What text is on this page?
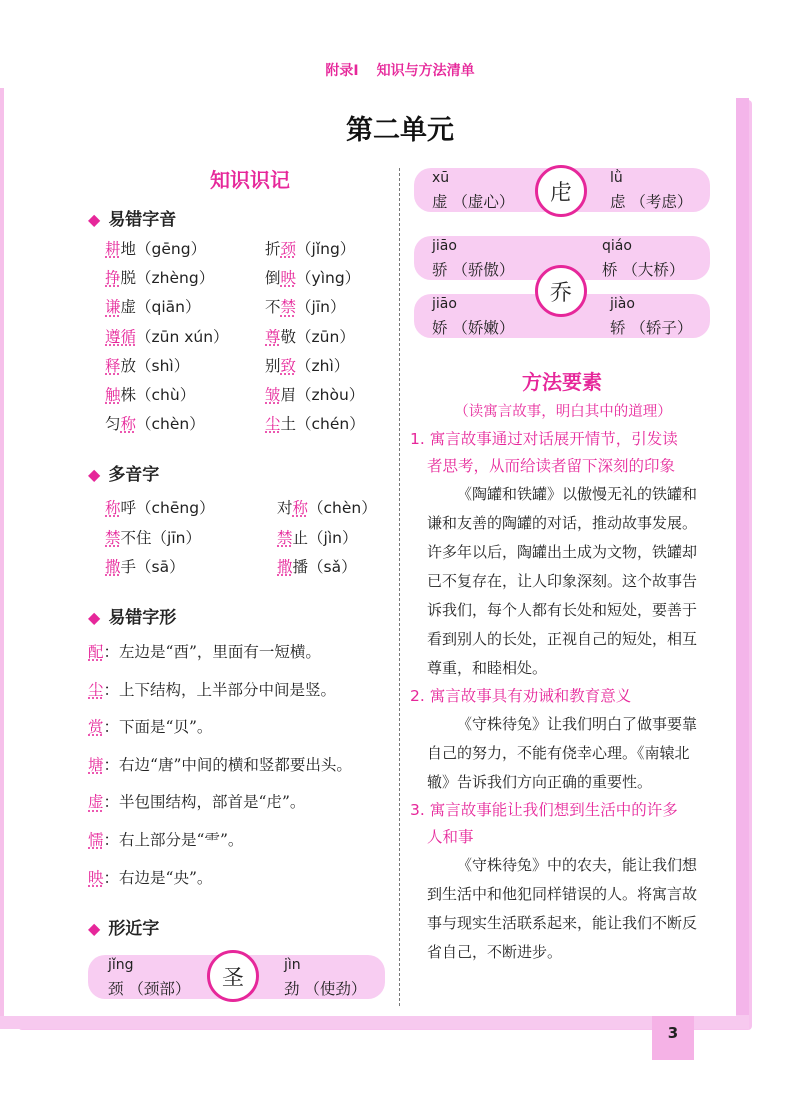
附录Ⅰ 知识与方法清单
第二单元
知识识记
◆ 易错字音
耕地（gēng）
挣脱（zhèng）
谦虚（qiān）
遵循（zūn xún）
释放（shì）
触株（chù）
匀称（chèn）
折颈（jǐng）
倒映（yìng）
不禁（jīn）
尊敬（zūn）
别致（zhì）
皱眉（zhòu）
尘土（chén）
◆ 多音字
称呼（chēng）
禁不住（jīn）
撒手（sā）
对称（chèn）
禁止（jìn）
撒播（sǎ）
◆ 易错字形
配：左边是“酉”，里面有一短横。
尘：上下结构，上半部分中间是竖。
赏：下面是“贝”。
塘：右边“唐”中间的横和竖都要出头。
虚：半包围结构，部首是“虍”。
懦：右上部分是“⻗”。
映：右边是“央”。
◆ 形近字
jǐng
颈 （颈部）
jìn
劲 （使劲）
圣
xū
虚 （虚心）
lǜ
虑 （考虑）
虍
jiāo
骄 （骄傲）
qiáo
桥 （大桥）
jiāo
娇 （娇嫩）
jiào
轿 （轿子）
乔
方法要素
（读寓言故事，明白其中的道理）
1. 寓言故事通过对话展开情节，引发读
者思考，从而给读者留下深刻的印象
《陶罐和铁罐》以傲慢无礼的铁罐和谦和友善的陶罐的对话，推动故事发展。许多年以后，陶罐出土成为文物，铁罐却已不复存在，让人印象深刻。这个故事告诉我们，每个人都有长处和短处，要善于看到别人的长处，正视自己的短处，相互尊重，和睦相处。
2. 寓言故事具有劝诫和教育意义
《守株待兔》让我们明白了做事要靠自己的努力，不能有侥幸心理。《南辕北辙》告诉我们方向正确的重要性。
3. 寓言故事能让我们想到生活中的许多
人和事
《守株待兔》中的农夫，能让我们想到生活中和他犯同样错误的人。将寓言故事与现实生活联系起来，能让我们不断反省自己，不断进步。
3
